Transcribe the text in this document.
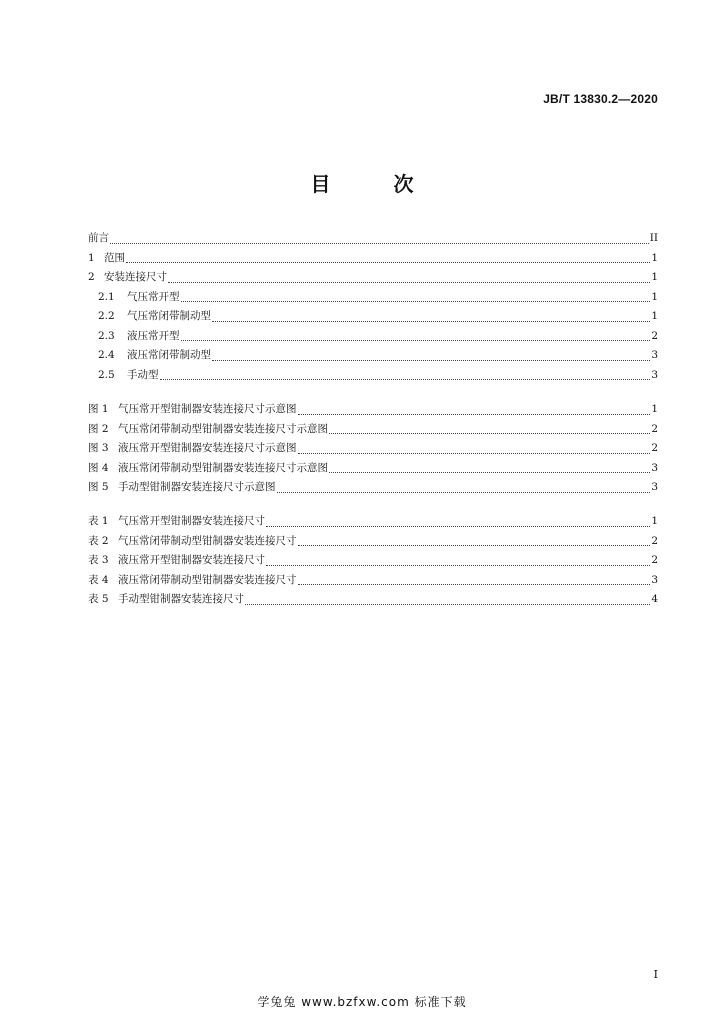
JB/T 13830.2—2020
目 次
前言	II
1 范围	1
2 安装连接尺寸	1
2.1	气压常开型	1
2.2	气压常闭带制动型	1
2.3	液压常开型	2
2.4	液压常闭带制动型	3
2.5	手动型	3
图 1 气压常开型钳制器安装连接尺寸示意图	1
图 2 气压常闭带制动型钳制器安装连接尺寸示意图	2
图 3 液压常开型钳制器安装连接尺寸示意图	2
图 4 液压常闭带制动型钳制器安装连接尺寸示意图	3
图 5 手动型钳制器安装连接尺寸示意图	3
表 1 气压常开型钳制器安装连接尺寸	1
表 2 气压常闭带制动型钳制器安装连接尺寸	2
表 3 液压常开型钳制器安装连接尺寸	2
表 4 液压常闭带制动型钳制器安装连接尺寸	3
表 5 手动型钳制器安装连接尺寸	4
I
学兔兔 www.bzfxw.com 标准下载
